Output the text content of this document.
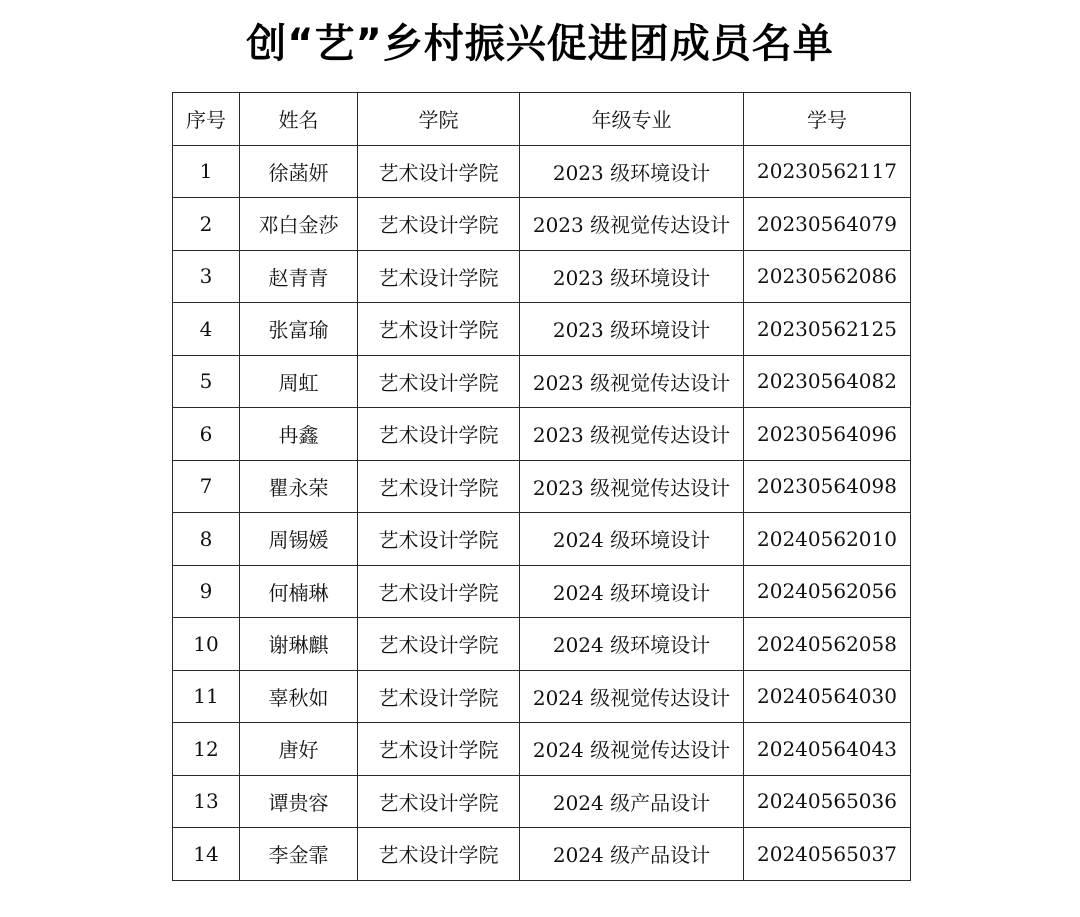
创“艺”乡村振兴促进团成员名单
序号	姓名	学院	年级专业	学号
1	徐菡妍	艺术设计学院	2023 级环境设计	20230562117
2	邓白金莎	艺术设计学院	2023 级视觉传达设计	20230564079
3	赵青青	艺术设计学院	2023 级环境设计	20230562086
4	张富瑜	艺术设计学院	2023 级环境设计	20230562125
5	周虹	艺术设计学院	2023 级视觉传达设计	20230564082
6	冉鑫	艺术设计学院	2023 级视觉传达设计	20230564096
7	瞿永荣	艺术设计学院	2023 级视觉传达设计	20230564098
8	周锡媛	艺术设计学院	2024 级环境设计	20240562010
9	何楠琳	艺术设计学院	2024 级环境设计	20240562056
10	谢琳麒	艺术设计学院	2024 级环境设计	20240562058
11	辜秋如	艺术设计学院	2024 级视觉传达设计	20240564030
12	唐好	艺术设计学院	2024 级视觉传达设计	20240564043
13	谭贵容	艺术设计学院	2024 级产品设计	20240565036
14	李金霏	艺术设计学院	2024 级产品设计	20240565037
